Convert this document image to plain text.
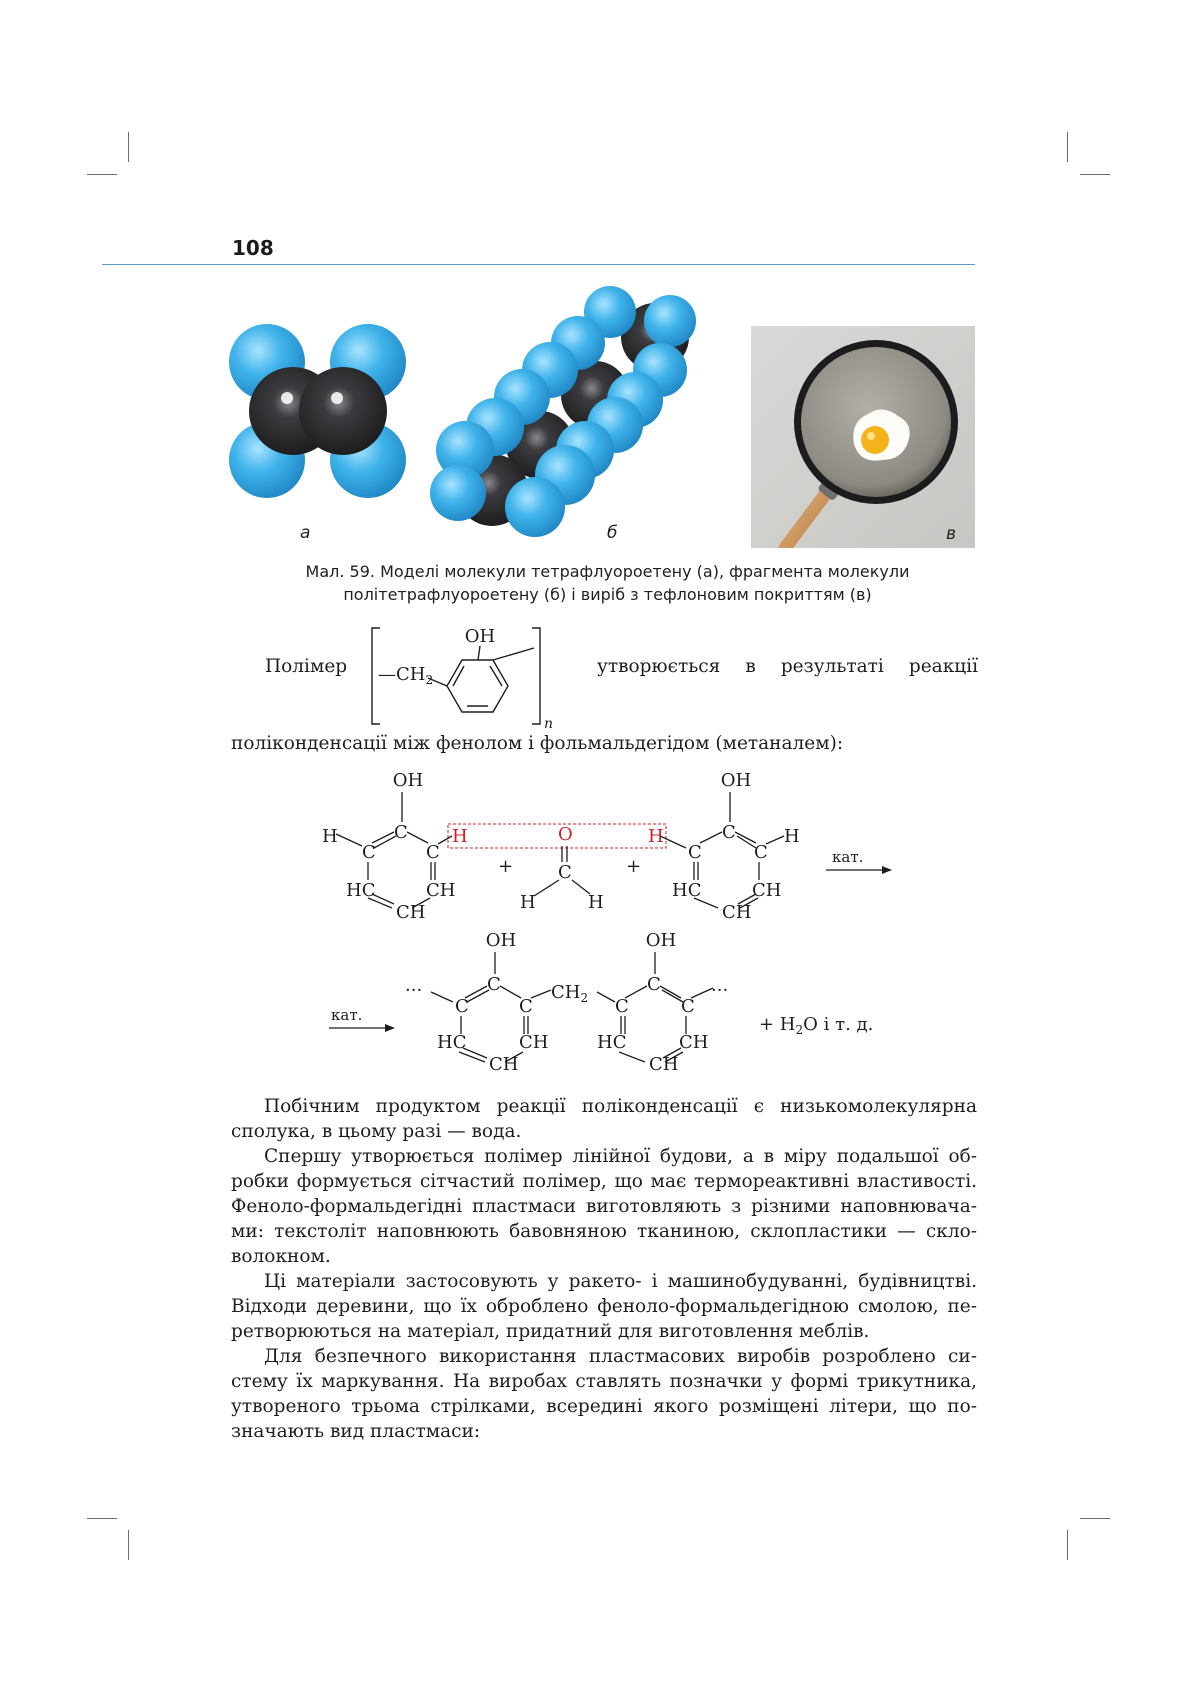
108
а	б	в
Мал. 59. Моделі молекули тетрафлуороетену (а), фрагмента молекули
політетрафлуороетену (б) і виріб з тефлоновим покриттям (в)
Полімер $—CH_2$
OH
n
утворюється в результаті реакції
поліконденсації між фенолом і фольмальдегідом (метаналем):
OH
H	C
C	C
HC	CH
CH
H	O	H
+ C
H	H
+
OH
C
C	C
H
HC	CH
CH
кат.
кат.
···
OH
C
C	C
HC	CH
CH
$CH_2$
OH
C
C	C
HC	CH
CH
···
+ $H_2O$ і т. д.
Побічним продуктом реакції поліконденсації є низькомолекулярна
сполука, в цьому разі — вода.
Спершу утворюється полімер лінійної будови, а в міру подальшої об-
робки формується сітчастий полімер, що має термореактивні властивості.
Феноло-формальдегідні пластмаси виготовляють з різними наповнювача-
ми: текстоліт наповнюють бавовняною тканиною, склопластики — скло-
волокном.
Ці матеріали застосовують у ракето- і машинобудуванні, будівництві.
Відходи деревини, що їх оброблено феноло-формальдегідною смолою, пе-
ретворюються на матеріал, придатний для виготовлення меблів.
Для безпечного використання пластмасових виробів розроблено си-
стему їх маркування. На виробах ставлять позначки у формі трикутника,
утвореного трьома стрілками, всередині якого розміщені літери, що по-
значають вид пластмаси:
